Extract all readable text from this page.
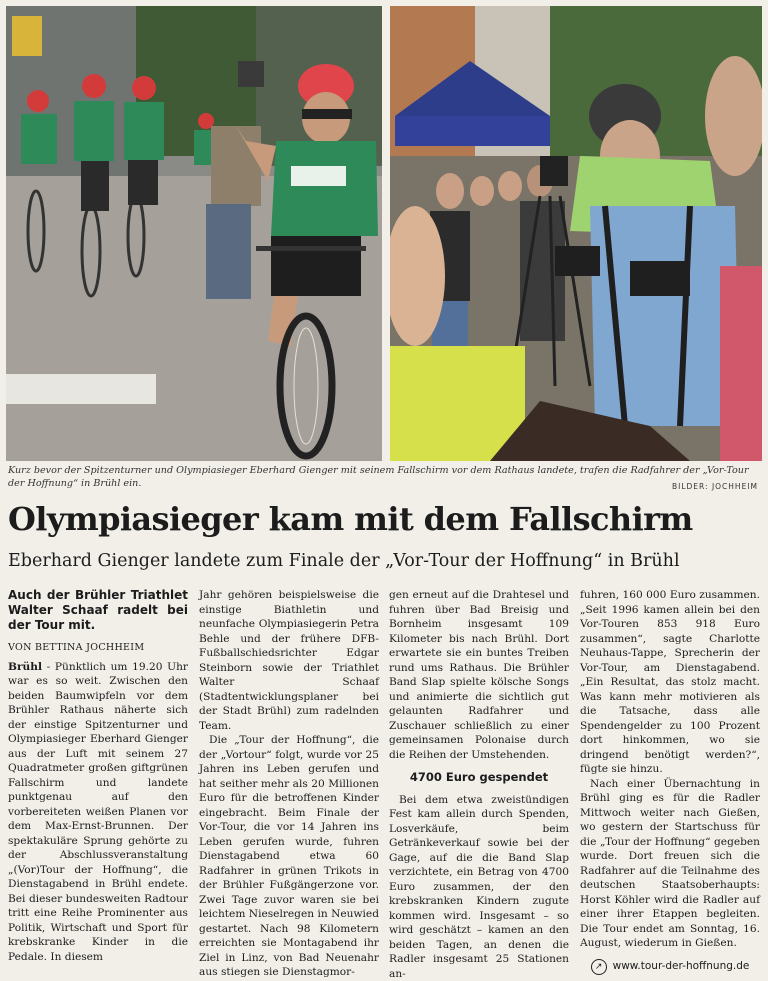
Kurz bevor der Spitzenturner und Olympiasieger Eberhard Gienger mit seinem Fallschirm vor dem Rathaus landete, trafen die Radfahrer der „Vor-Tour der Hoffnung“ in Brühl ein.	BILDER: JOCHHEIM
Olympiasieger kam mit dem Fallschirm
Eberhard Gienger landete zum Finale der „Vor-Tour der Hoffnung“ in Brühl
Auch der Brühler Triathlet Walter Schaaf radelt bei der Tour mit.
VON BETTINA JOCHHEIM

Brühl - Pünktlich um 19.20 Uhr war es so weit. Zwischen den beiden Baumwipfeln vor dem Brühler Rathaus näherte sich der einstige Spitzenturner und Olympiasieger Eberhard Gienger aus der Luft mit seinem 27 Quadratmeter großen giftgrünen Fallschirm und landete punktgenau auf den vorbereiteten weißen Planen vor dem Max-Ernst-Brunnen. Der spektakuläre Sprung gehörte zu der Abschlussveranstaltung „(Vor)Tour der Hoffnung“, die Dienstagabend in Brühl endete. Bei dieser bundesweiten Radtour tritt eine Reihe Prominenter aus Politik, Wirtschaft und Sport für krebskranke Kinder in die Pedale. In diesem

Jahr gehören beispielsweise die einstige Biathletin und neunfache Olympiasiegerin Petra Behle und der frühere DFB-Fußballschiedsrichter Edgar Steinborn sowie der Triathlet Walter Schaaf (Stadtentwicklungsplaner bei der Stadt Brühl) zum radelnden Team.

Die „Tour der Hoffnung“, die der „Vortour“ folgt, wurde vor 25 Jahren ins Leben gerufen und hat seither mehr als 20 Millionen Euro für die betroffenen Kinder eingebracht. Beim Finale der Vor-Tour, die vor 14 Jahren ins Leben gerufen wurde, fuhren Dienstagabend etwa 60 Radfahrer in grünen Trikots in der Brühler Fußgängerzone vor. Zwei Tage zuvor waren sie bei leichtem Nieselregen in Neuwied gestartet. Nach 98 Kilometern erreichten sie Montagabend ihr Ziel in Linz, von Bad Neuenahr aus stiegen sie Dienstagmor-

gen erneut auf die Drahtesel und fuhren über Bad Breisig und Bornheim insgesamt 109 Kilometer bis nach Brühl. Dort erwartete sie ein buntes Treiben rund ums Rathaus. Die Brühler Band Slap spielte kölsche Songs und animierte die sichtlich gut gelaunten Radfahrer und Zuschauer schließlich zu einer gemeinsamen Polonaise durch die Reihen der Umstehenden.

4700 Euro gespendet

Bei dem etwa zweistündigen Fest kam allein durch Spenden, Losverkäufe, beim Getränkeverkauf sowie bei der Gage, auf die die Band Slap verzichtete, ein Betrag von 4700 Euro zusammen, der den krebskranken Kindern zugute kommen wird. Insgesamt – so wird geschätzt – kamen an den beiden Tagen, an denen die Radler insgesamt 25 Stationen an-

fuhren, 160 000 Euro zusammen. „Seit 1996 kamen allein bei den Vor-Touren 853 918 Euro zusammen“, sagte Charlotte Neuhaus-Tappe, Sprecherin der Vor-Tour, am Dienstagabend. „Ein Resultat, das stolz macht. Was kann mehr motivieren als die Tatsache, dass alle Spendengelder zu 100 Prozent dort hinkommen, wo sie dringend benötigt werden?“, fügte sie hinzu.

Nach einer Übernachtung in Brühl ging es für die Radler Mittwoch weiter nach Gießen, wo gestern der Startschuss für die „Tour der Hoffnung“ gegeben wurde. Dort freuen sich die Radfahrer auf die Teilnahme des deutschen Staatsoberhaupts: Horst Köhler wird die Radler auf einer ihrer Etappen begleiten. Die Tour endet am Sonntag, 16. August, wiederum in Gießen.

↗ www.tour-der-hoffnung.de
